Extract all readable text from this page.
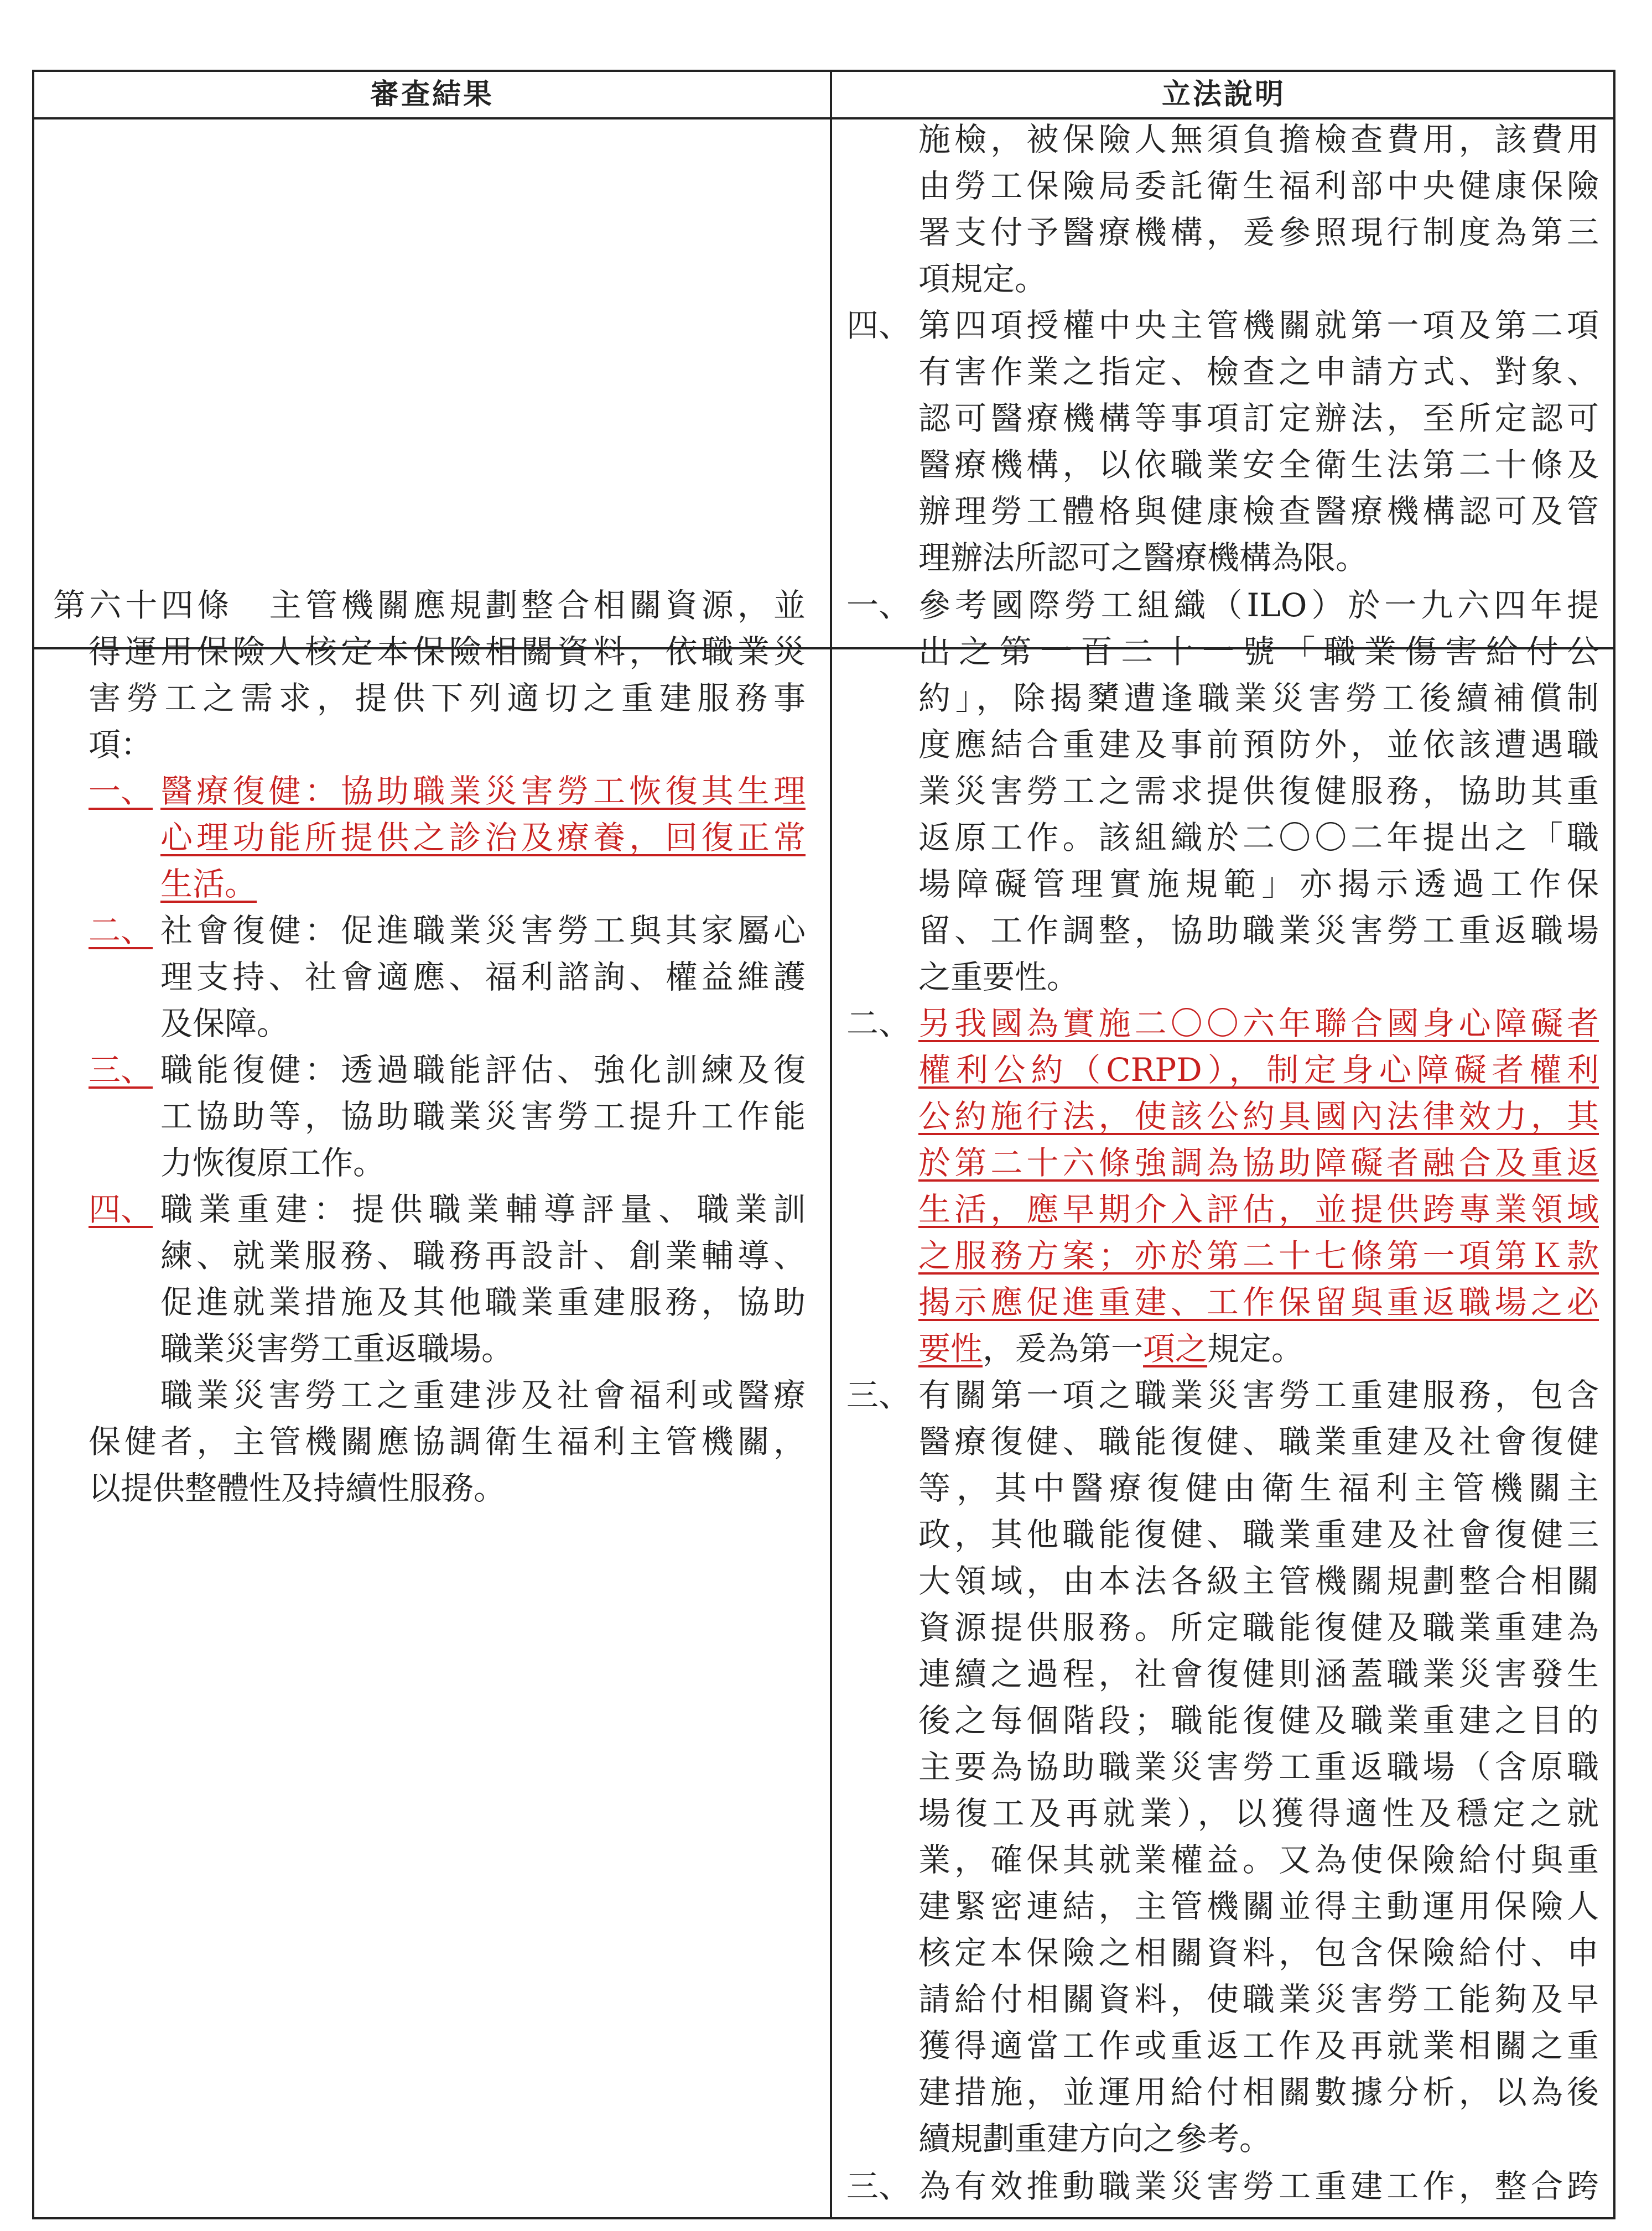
審查結果	立法說明
施檢，被保險人無須負擔檢查費用，該費用
由勞工保險局委託衛生福利部中央健康保險
署支付予醫療機構，爰參照現行制度為第三
項規定。
四、 第四項授權中央主管機關就第一項及第二項
有害作業之指定、檢查之申請方式、對象、
認可醫療機構等事項訂定辦法，至所定認可
醫療機構，以依職業安全衛生法第二十條及
辦理勞工體格與健康檢查醫療機構認可及管
理辦法所認可之醫療機構為限。
第六十四條　主管機關應規劃整合相關資源，並
得運用保險人核定本保險相關資料，依職業災
害勞工之需求，提供下列適切之重建服務事
項：
一、 醫療復健：協助職業災害勞工恢復其生理
心理功能所提供之診治及療養，回復正常
生活。
二、 社會復健：促進職業災害勞工與其家屬心
理支持、社會適應、福利諮詢、權益維護
及保障。
三、 職能復健：透過職能評估、強化訓練及復
工協助等，協助職業災害勞工提升工作能
力恢復原工作。
四、 職業重建：提供職業輔導評量、職業訓
練、就業服務、職務再設計、創業輔導、
促進就業措施及其他職業重建服務，協助
職業災害勞工重返職場。
職業災害勞工之重建涉及社會福利或醫療
保健者，主管機關應協調衛生福利主管機關，
以提供整體性及持續性服務。
一、 參考國際勞工組織（ILO）於一九六四年提
出之第一百二十一號「職業傷害給付公
約」，除揭櫫遭逢職業災害勞工後續補償制
度應結合重建及事前預防外，並依該遭遇職
業災害勞工之需求提供復健服務，協助其重
返原工作。該組織於二〇〇二年提出之「職
場障礙管理實施規範」亦揭示透過工作保
留、工作調整，協助職業災害勞工重返職場
之重要性。
二、 另我國為實施二〇〇六年聯合國身心障礙者
權利公約（CRPD），制定身心障礙者權利
公約施行法，使該公約具國內法律效力，其
於第二十六條強調為協助障礙者融合及重返
生活，應早期介入評估，並提供跨專業領域
之服務方案；亦於第二十七條第一項第Ｋ款
揭示應促進重建、工作保留與重返職場之必
要性，爰為第一項之規定。
三、 有關第一項之職業災害勞工重建服務，包含
醫療復健、職能復健、職業重建及社會復健
等，其中醫療復健由衛生福利主管機關主
政，其他職能復健、職業重建及社會復健三
大領域，由本法各級主管機關規劃整合相關
資源提供服務。所定職能復健及職業重建為
連續之過程，社會復健則涵蓋職業災害發生
後之每個階段；職能復健及職業重建之目的
主要為協助職業災害勞工重返職場（含原職
場復工及再就業），以獲得適性及穩定之就
業，確保其就業權益。又為使保險給付與重
建緊密連結，主管機關並得主動運用保險人
核定本保險之相關資料，包含保險給付、申
請給付相關資料，使職業災害勞工能夠及早
獲得適當工作或重返工作及再就業相關之重
建措施，並運用給付相關數據分析，以為後
續規劃重建方向之參考。
三、 為有效推動職業災害勞工重建工作，整合跨
